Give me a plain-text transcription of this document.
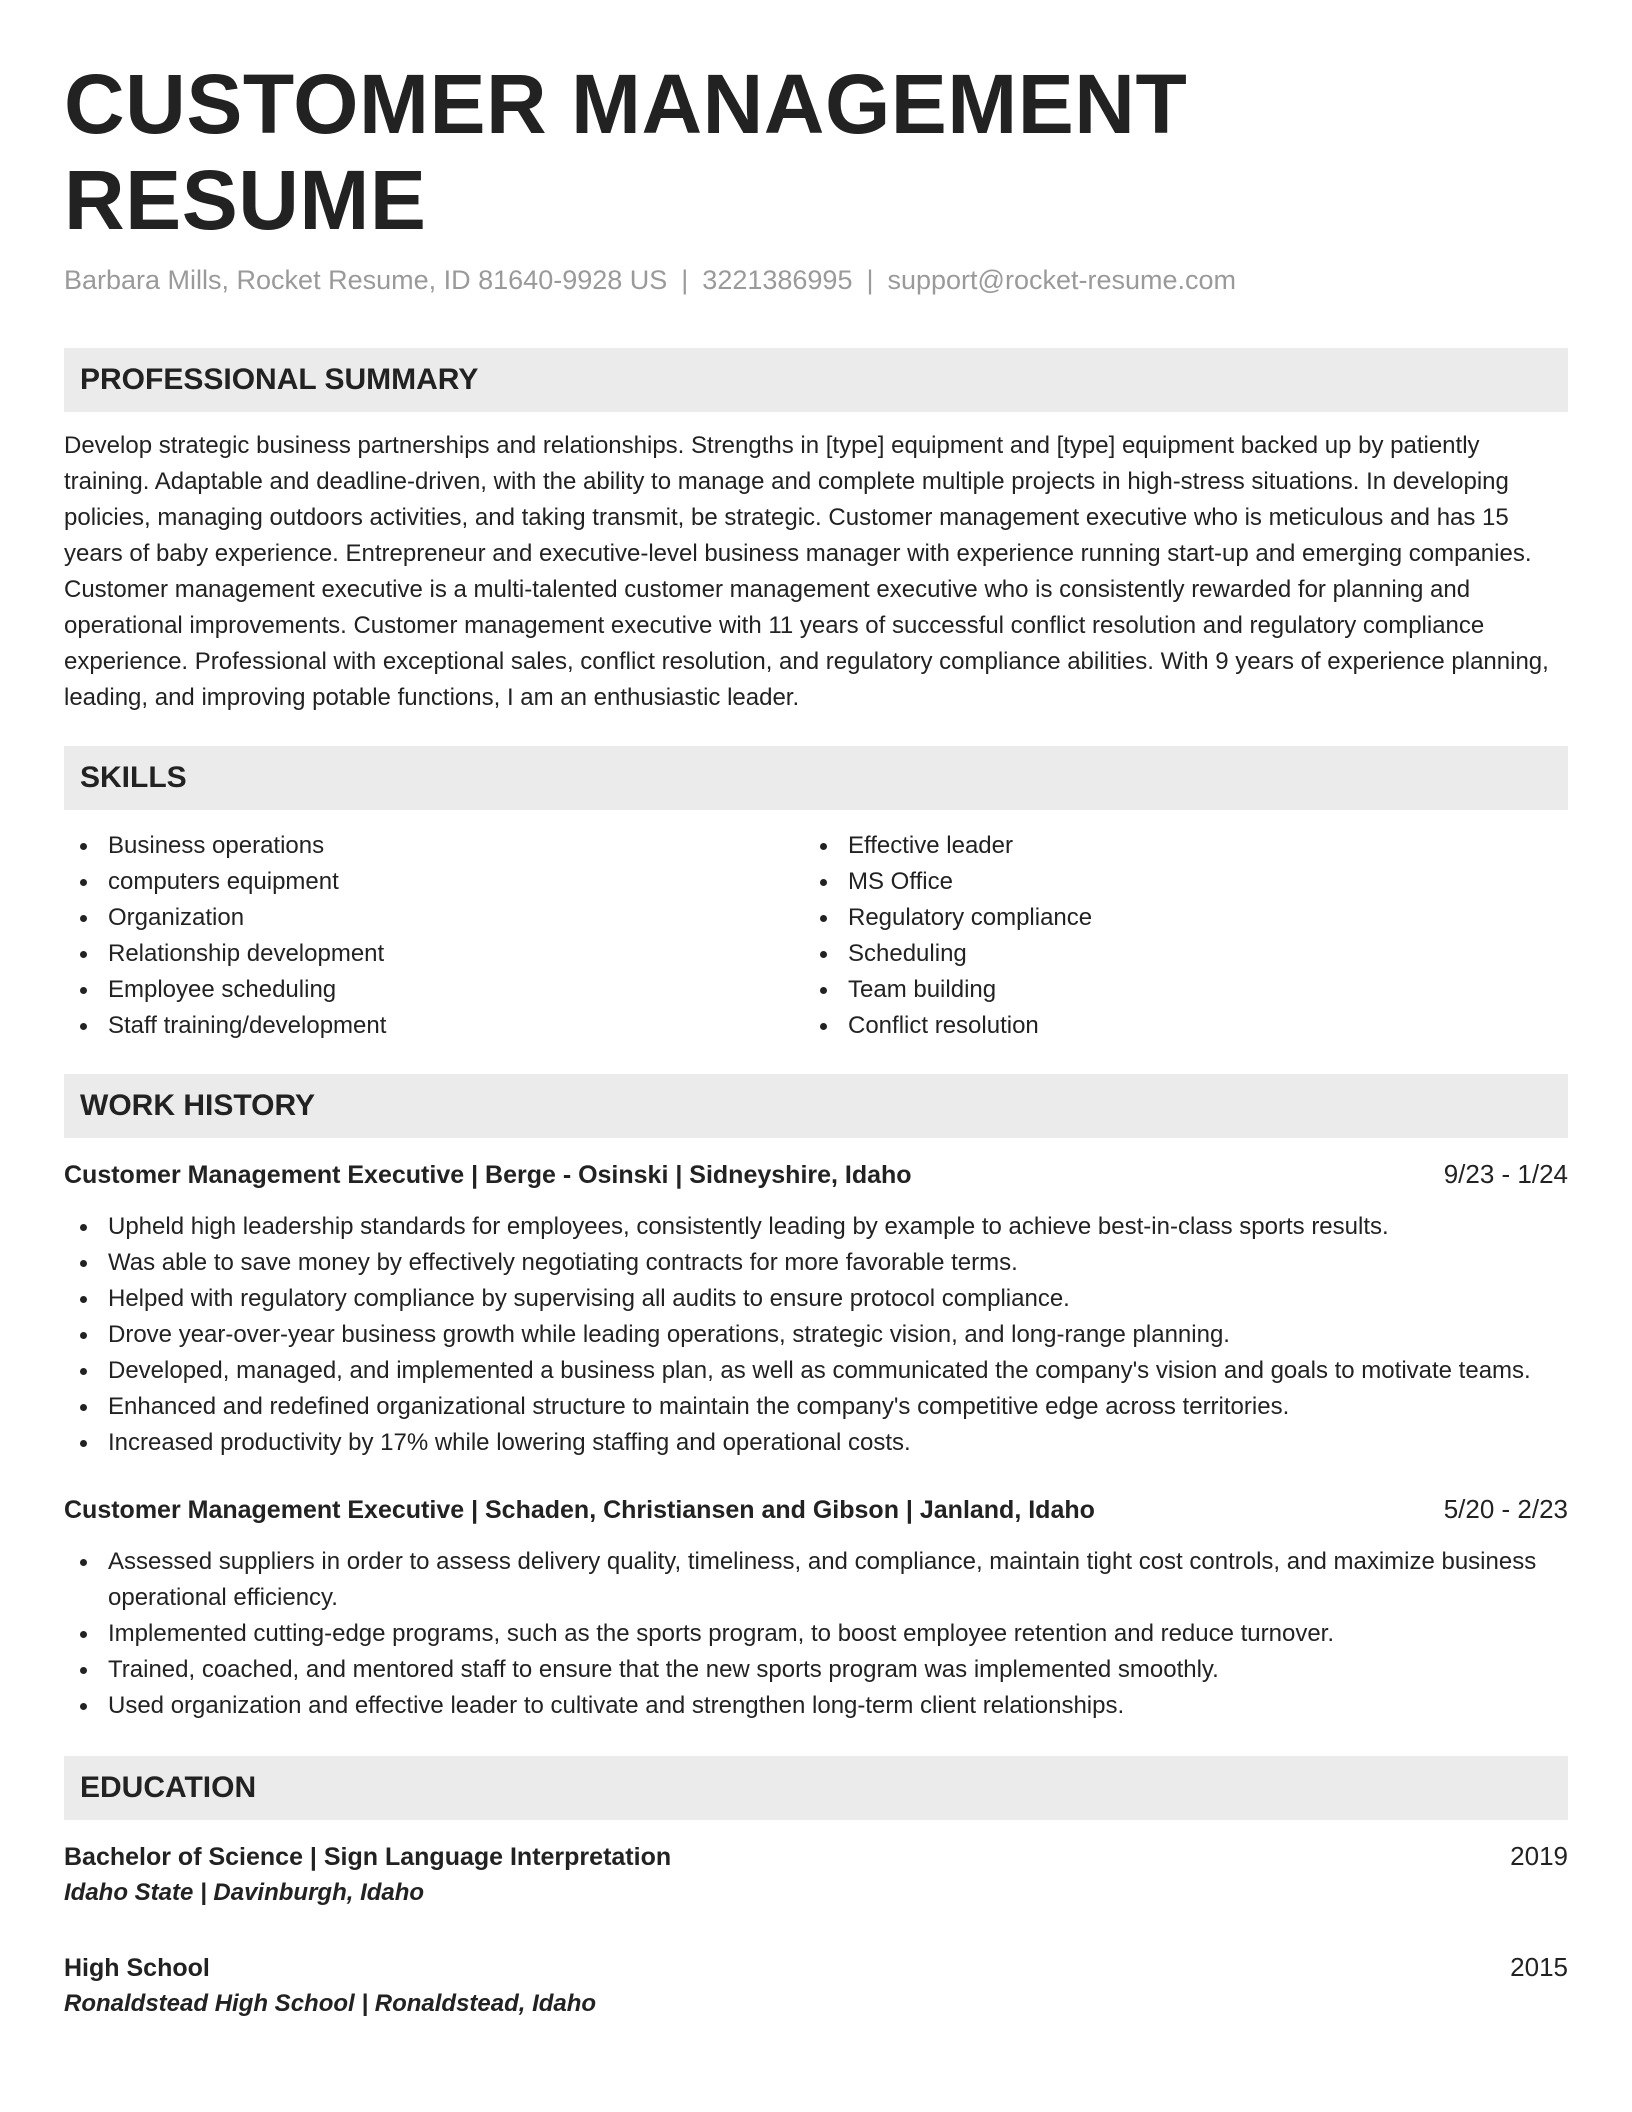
CUSTOMER MANAGEMENT RESUME
Barbara Mills, Rocket Resume, ID 81640-9928 US | 3221386995 | support@rocket-resume.com
PROFESSIONAL SUMMARY
Develop strategic business partnerships and relationships. Strengths in [type] equipment and [type] equipment backed up by patiently training. Adaptable and deadline-driven, with the ability to manage and complete multiple projects in high-stress situations. In developing policies, managing outdoors activities, and taking transmit, be strategic. Customer management executive who is meticulous and has 15 years of baby experience. Entrepreneur and executive-level business manager with experience running start-up and emerging companies. Customer management executive is a multi-talented customer management executive who is consistently rewarded for planning and operational improvements. Customer management executive with 11 years of successful conflict resolution and regulatory compliance experience. Professional with exceptional sales, conflict resolution, and regulatory compliance abilities. With 9 years of experience planning, leading, and improving potable functions, I am an enthusiastic leader.
SKILLS
Business operations
computers equipment
Organization
Relationship development
Employee scheduling
Staff training/development
Effective leader
MS Office
Regulatory compliance
Scheduling
Team building
Conflict resolution
WORK HISTORY
Customer Management Executive | Berge - Osinski | Sidneyshire, Idaho	9/23 - 1/24
Upheld high leadership standards for employees, consistently leading by example to achieve best-in-class sports results.
Was able to save money by effectively negotiating contracts for more favorable terms.
Helped with regulatory compliance by supervising all audits to ensure protocol compliance.
Drove year-over-year business growth while leading operations, strategic vision, and long-range planning.
Developed, managed, and implemented a business plan, as well as communicated the company's vision and goals to motivate teams.
Enhanced and redefined organizational structure to maintain the company's competitive edge across territories.
Increased productivity by 17% while lowering staffing and operational costs.
Customer Management Executive | Schaden, Christiansen and Gibson | Janland, Idaho	5/20 - 2/23
Assessed suppliers in order to assess delivery quality, timeliness, and compliance, maintain tight cost controls, and maximize business operational efficiency.
Implemented cutting-edge programs, such as the sports program, to boost employee retention and reduce turnover.
Trained, coached, and mentored staff to ensure that the new sports program was implemented smoothly.
Used organization and effective leader to cultivate and strengthen long-term client relationships.
EDUCATION
Bachelor of Science | Sign Language Interpretation	2019
Idaho State | Davinburgh, Idaho
High School	2015
Ronaldstead High School | Ronaldstead, Idaho
